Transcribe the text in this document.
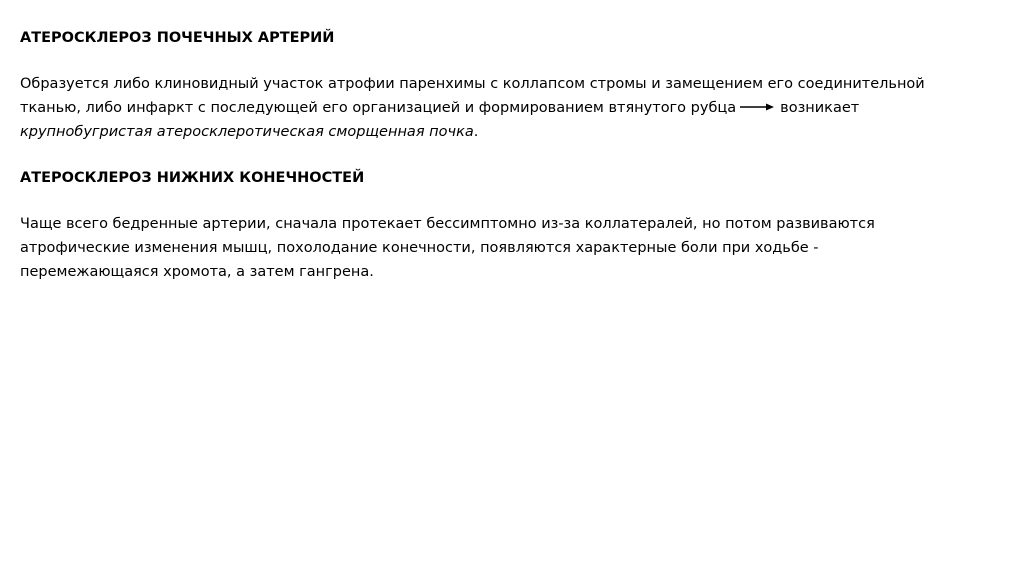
АТЕРОСКЛЕРОЗ ПОЧЕЧНЫХ АРТЕРИЙ

Образуется либо клиновидный участок атрофии паренхимы с коллапсом стромы и замещением его соединительной
тканью, либо инфаркт с последующей его организацией и формированием втянутого рубца	возникает
крупнобугристая атеросклеротическая сморщенная почка.

АТЕРОСКЛЕРОЗ НИЖНИХ КОНЕЧНОСТЕЙ

Чаще всего бедренные артерии, сначала протекает бессимптомно из-за коллатералей, но потом развиваются
атрофические изменения мышц, похолодание конечности, появляются характерные боли при ходьбе -
перемежающаяся хромота, а затем гангрена.
